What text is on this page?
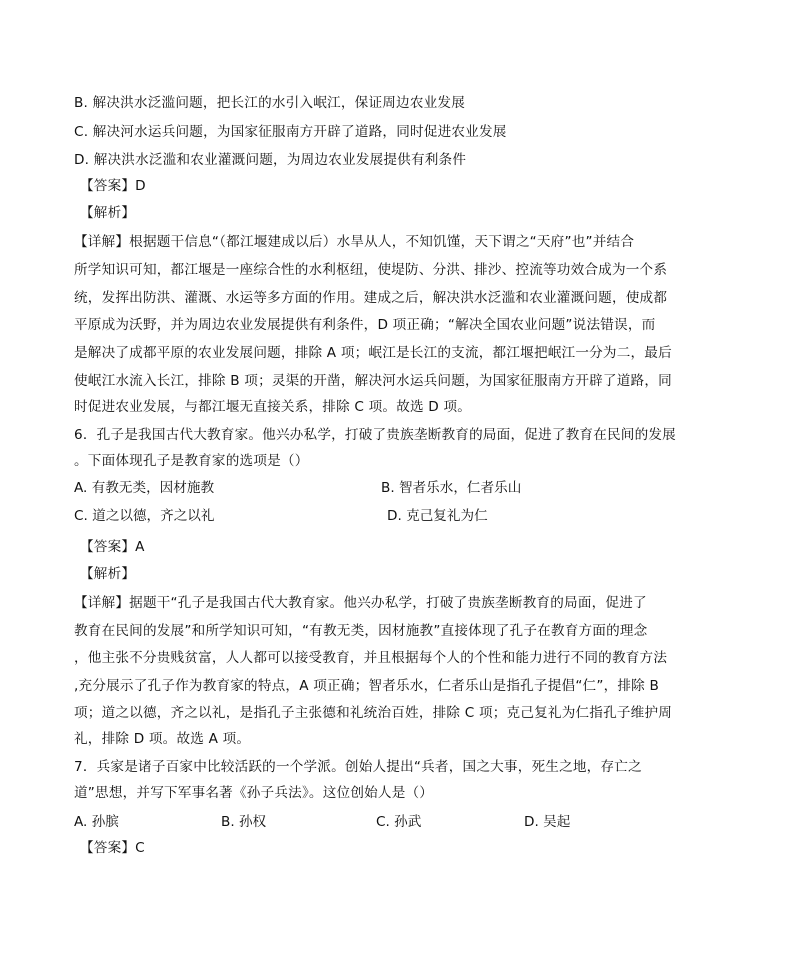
B. 解决洪水泛滥问题，把长江的水引入岷江，保证周边农业发展
C. 解决河水运兵问题，为国家征服南方开辟了道路，同时促进农业发展
D. 解决洪水泛滥和农业灌溉问题，为周边农业发展提供有利条件
【答案】D
【解析】
【详解】根据题干信息“（都江堰建成以后）水旱从人，不知饥馑，天下谓之“天府”也”并结合
所学知识可知，都江堰是一座综合性的水利枢纽，使堤防、分洪、排沙、控流等功效合成为一个系
统，发挥出防洪、灌溉、水运等多方面的作用。建成之后，解决洪水泛滥和农业灌溉问题，使成都
平原成为沃野，并为周边农业发展提供有利条件，D 项正确；“解决全国农业问题”说法错误，而
是解决了成都平原的农业发展问题，排除 A 项；岷江是长江的支流，都江堰把岷江一分为二，最后
使岷江水流入长江，排除 B 项；灵渠的开凿，解决河水运兵问题，为国家征服南方开辟了道路，同
时促进农业发展，与都江堰无直接关系，排除 C 项。故选 D 项。
6．孔子是我国古代大教育家。他兴办私学，打破了贵族垄断教育的局面，促进了教育在民间的发展
。下面体现孔子是教育家的选项是（）
A. 有教无类，因材施教	B. 智者乐水，仁者乐山
C. 道之以德，齐之以礼	D. 克己复礼为仁
【答案】A
【解析】
【详解】据题干“孔子是我国古代大教育家。他兴办私学，打破了贵族垄断教育的局面，促进了
教育在民间的发展”和所学知识可知，“有教无类，因材施教”直接体现了孔子在教育方面的理念
，他主张不分贵贱贫富，人人都可以接受教育，并且根据每个人的个性和能力进行不同的教育方法
,充分展示了孔子作为教育家的特点，A 项正确；智者乐水，仁者乐山是指孔子提倡“仁”，排除 B
项；道之以德，齐之以礼，是指孔子主张德和礼统治百姓，排除 C 项；克己复礼为仁指孔子维护周
礼，排除 D 项。故选 A 项。
7．兵家是诸子百家中比较活跃的一个学派。创始人提出“兵者，国之大事，死生之地，存亡之
道”思想，并写下军事名著《孙子兵法》。这位创始人是（）
A. 孙膑	B. 孙权	C. 孙武	D. 吴起
【答案】C
